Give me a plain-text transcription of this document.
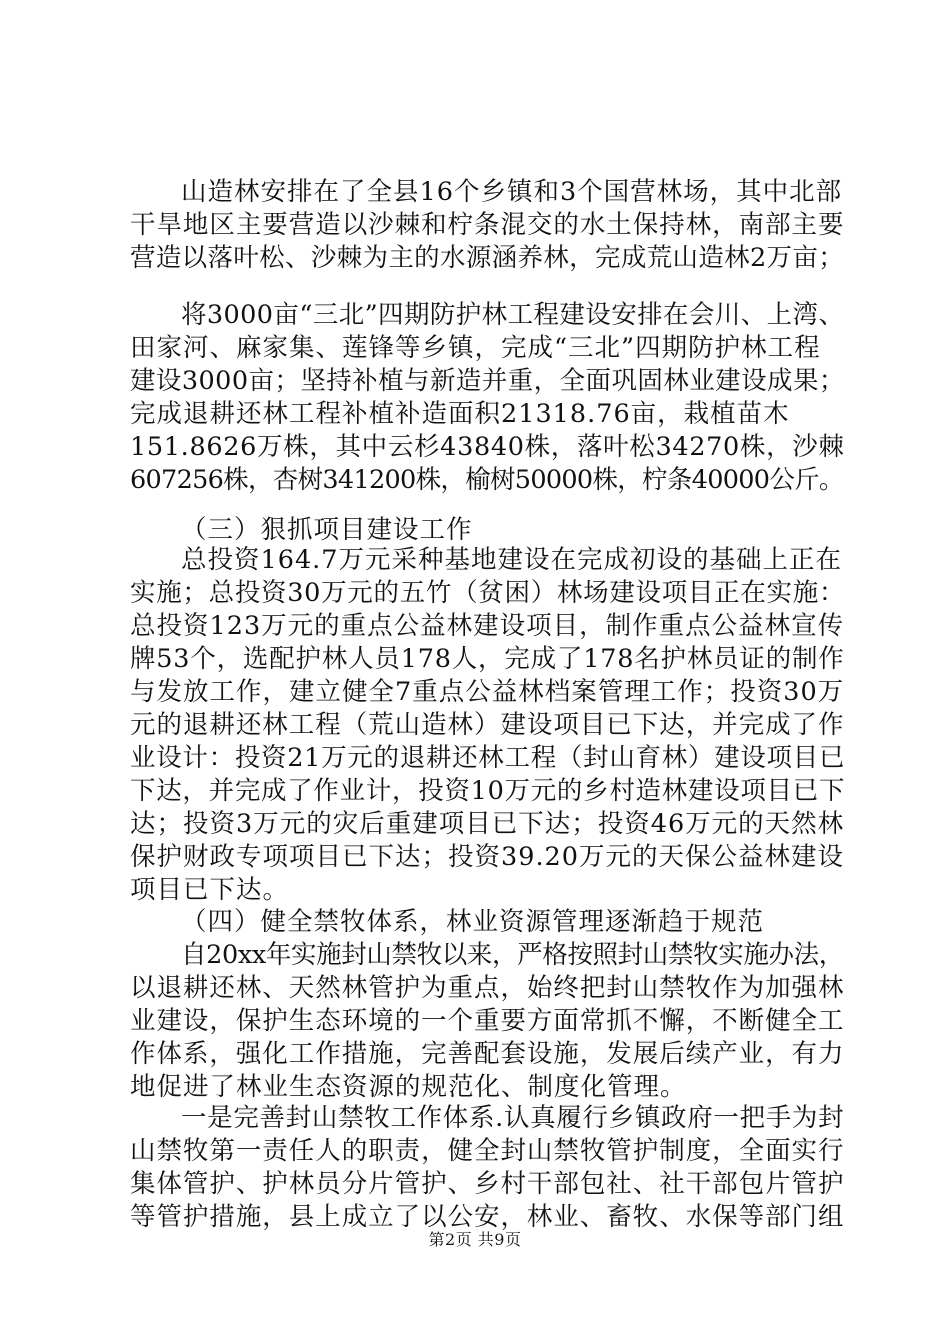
山造林安排在了全县16个乡镇和3个国营林场，其中北部
干旱地区主要营造以沙棘和柠条混交的水土保持林，南部主要
营造以落叶松、沙棘为主的水源涵养林，完成荒山造林2万亩；
将3000亩“三北”四期防护林工程建设安排在会川、上湾、
田家河、麻家集、莲锋等乡镇，完成“三北”四期防护林工程
建设3000亩；坚持补植与新造并重，全面巩固林业建设成果；
完成退耕还林工程补植补造面积21318.76亩，栽植苗木
151.8626万株，其中云杉43840株，落叶松34270株，沙棘
607256株，杏树341200株，榆树50000株，柠条40000公斤。
（三）狠抓项目建设工作
总投资164.7万元采种基地建设在完成初设的基础上正在
实施；总投资30万元的五竹（贫困）林场建设项目正在实施：
总投资123万元的重点公益林建设项目，制作重点公益林宣传
牌53个，选配护林人员178人，完成了178名护林员证的制作
与发放工作，建立健全7重点公益林档案管理工作；投资30万
元的退耕还林工程（荒山造林）建设项目已下达，并完成了作
业设计：投资21万元的退耕还林工程（封山育林）建设项目已
下达，并完成了作业计，投资10万元的乡村造林建设项目已下
达；投资3万元的灾后重建项目已下达；投资46万元的天然林
保护财政专项项目已下达；投资39.20万元的天保公益林建设
项目已下达。
（四）健全禁牧体系，林业资源管理逐渐趋于规范
自20xx年实施封山禁牧以来，严格按照封山禁牧实施办法，
以退耕还林、天然林管护为重点，始终把封山禁牧作为加强林
业建设，保护生态环境的一个重要方面常抓不懈，不断健全工
作体系，强化工作措施，完善配套设施，发展后续产业，有力
地促进了林业生态资源的规范化、制度化管理。
一是完善封山禁牧工作体系.认真履行乡镇政府一把手为封
山禁牧第一责任人的职责，健全封山禁牧管护制度，全面实行
集体管护、护林员分片管护、乡村干部包社、社干部包片管护
等管护措施，县上成立了以公安，林业、畜牧、水保等部门组
第2页 共9页
